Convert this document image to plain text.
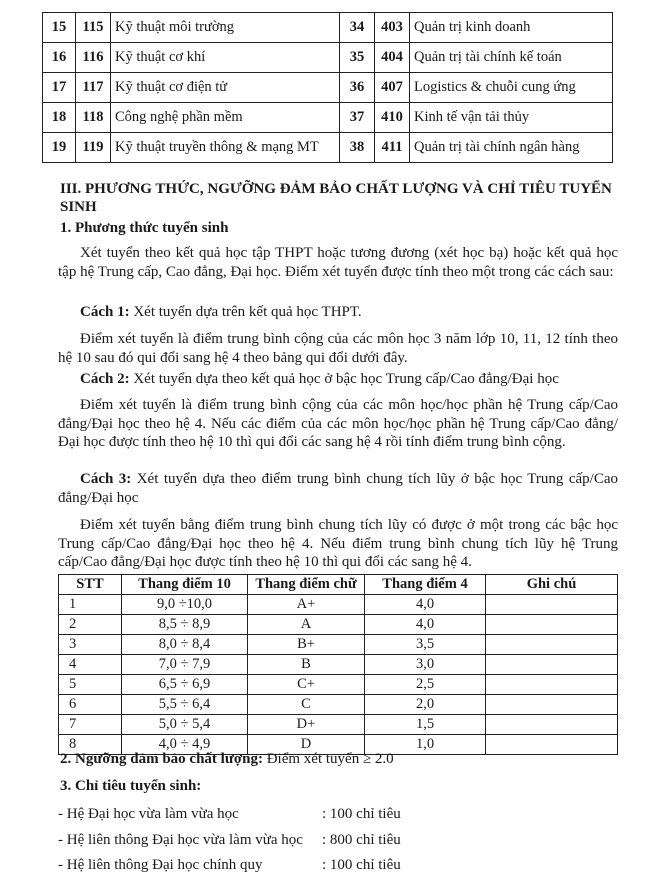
15	115	Kỹ thuật môi trường	34	403	Quản trị kinh doanh
16	116	Kỹ thuật cơ khí	35	404	Quản trị tài chính kế toán
17	117	Kỹ thuật cơ điện tử	36	407	Logistics & chuỗi cung ứng
18	118	Công nghệ phần mềm	37	410	Kinh tế vận tải thủy
19	119	Kỹ thuật truyền thông & mạng MT	38	411	Quản trị tài chính ngân hàng
III. PHƯƠNG THỨC, NGƯỠNG ĐẢM BẢO CHẤT LƯỢNG VÀ CHỈ TIÊU TUYỂN SINH
1. Phương thức tuyển sinh
Xét tuyển theo kết quả học tập THPT hoặc tương đương (xét học bạ) hoặc kết quả học tập hệ Trung cấp, Cao đẳng, Đại học. Điểm xét tuyển được tính theo một trong các cách sau:
Cách 1: Xét tuyển dựa trên kết quả học THPT.
Điểm xét tuyển là điểm trung bình cộng của các môn học 3 năm lớp 10, 11, 12 tính theo hệ 10 sau đó qui đổi sang hệ 4 theo bảng qui đổi dưới đây.
Cách 2: Xét tuyển dựa theo kết quả học ở bậc học Trung cấp/Cao đẳng/Đại học
Điểm xét tuyển là điểm trung bình cộng của các môn học/học phần hệ Trung cấp/Cao đẳng/Đại học theo hệ 4. Nếu các điểm của các môn học/học phần hệ Trung cấp/Cao đẳng/Đại học được tính theo hệ 10 thì qui đổi các sang hệ 4 rồi tính điểm trung bình cộng.
Cách 3: Xét tuyển dựa theo điểm trung bình chung tích lũy ở bậc học Trung cấp/Cao đẳng/Đại học
Điểm xét tuyển bằng điểm trung bình chung tích lũy có được ở một trong các bậc học Trung cấp/Cao đẳng/Đại học theo hệ 4. Nếu điểm trung bình chung tích lũy hệ Trung cấp/Cao đẳng/Đại học được tính theo hệ 10 thì qui đổi các sang hệ 4.
STT	Thang điểm 10	Thang điểm chữ	Thang điểm 4	Ghi chú
1	9,0 ÷10,0	A+	4,0	
2	8,5 ÷ 8,9	A	4,0	
3	8,0 ÷ 8,4	B+	3,5	
4	7,0 ÷ 7,9	B	3,0	
5	6,5 ÷ 6,9	C+	2,5	
6	5,5 ÷ 6,4	C	2,0	
7	5,0 ÷ 5,4	D+	1,5	
8	4,0 ÷ 4,9	D	1,0	
2. Ngưỡng đảm bảo chất lượng: Điểm xét tuyển ≥ 2.0
3. Chỉ tiêu tuyển sinh:
- Hệ Đại học vừa làm vừa học	: 100 chỉ tiêu
- Hệ liên thông Đại học vừa làm vừa học : 800 chỉ tiêu
- Hệ liên thông Đại học chính quy	: 100 chỉ tiêu
